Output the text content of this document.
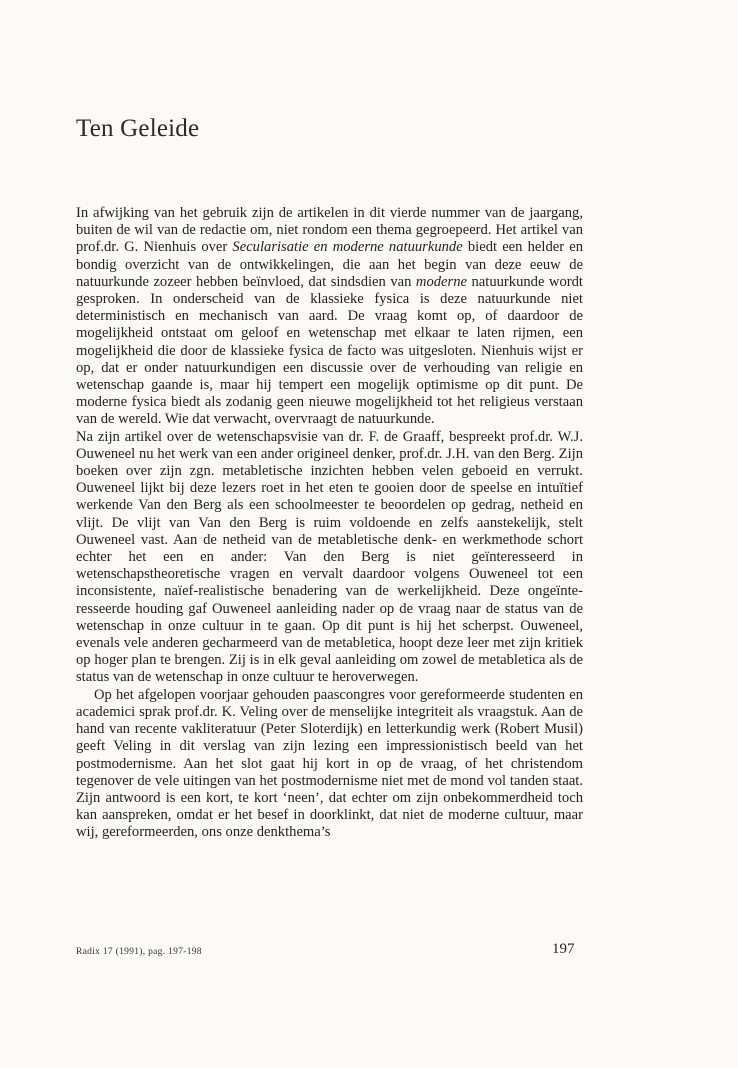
Ten Geleide

In afwijking van het gebruik zijn de artikelen in dit vierde nummer van de jaargang, buiten de wil van de redactie om, niet rondom een thema gegroepeerd. Het artikel van prof.dr. G. Nienhuis over Secularisatie en moderne natuurkunde biedt een helder en bondig overzicht van de ontwikkelingen, die aan het begin van deze eeuw de natuurkunde zozeer hebben beïnvloed, dat sindsdien van moderne natuurkunde wordt gesproken. In onderscheid van de klassieke fysica is deze natuurkunde niet deterministisch en mechanisch van aard. De vraag komt op, of daardoor de mogelijkheid ontstaat om geloof en wetenschap met elkaar te laten rijmen, een mogelijkheid die door de klassieke fysica de facto was uitgesloten. Nienhuis wijst er op, dat er onder natuurkundigen een discussie over de verhouding van religie en wetenschap gaande is, maar hij tempert een mogelijk optimisme op dit punt. De moderne fysica biedt als zodanig geen nieuwe mogelijkheid tot het religieus verstaan van de wereld. Wie dat verwacht, overvraagt de natuurkunde.

Na zijn artikel over de wetenschapsvisie van dr. F. de Graaff, bespreekt prof.dr. W.J. Ouweneel nu het werk van een ander origineel denker, prof.dr. J.H. van den Berg. Zijn boeken over zijn zgn. metabletische inzichten hebben velen geboeid en verrukt. Ouweneel lijkt bij deze lezers roet in het eten te gooien door de speelse en intuïtief werkende Van den Berg als een schoolmeester te beoordelen op gedrag, netheid en vlijt. De vlijt van Van den Berg is ruim voldoende en zelfs aanstekelijk, stelt Ouweneel vast. Aan de netheid van de metabletische denk- en werkmethode schort echter het een en ander: Van den Berg is niet geïnteresseerd in wetenschapstheoretische vragen en vervalt daardoor volgens Ouweneel tot een inconsistente, naïef-realistische benadering van de werkelijkheid. Deze ongeïnteresseerde houding gaf Ouweneel aanleiding nader op de vraag naar de status van de wetenschap in onze cultuur in te gaan. Op dit punt is hij het scherpst. Ouweneel, evenals vele anderen gecharmeerd van de metabletica, hoopt deze leer met zijn kritiek op hoger plan te brengen. Zij is in elk geval aanleiding om zowel de metabletica als de status van de wetenschap in onze cultuur te heroverwegen.

Op het afgelopen voorjaar gehouden paascongres voor gereformeerde studenten en academici sprak prof.dr. K. Veling over de menselijke integriteit als vraagstuk. Aan de hand van recente vakliteratuur (Peter Sloterdijk) en letterkundig werk (Robert Musil) geeft Veling in dit verslag van zijn lezing een impressionistisch beeld van het postmodernisme. Aan het slot gaat hij kort in op de vraag, of het christendom tegenover de vele uitingen van het postmodernisme niet met de mond vol tanden staat. Zijn antwoord is een kort, te kort ‘neen’, dat echter om zijn onbekommerdheid toch kan aanspreken, omdat er het besef in doorklinkt, dat niet de moderne cultuur, maar wij, gereformeerden, ons onze denkthema’s

Radix 17 (1991), pag. 197-198	197
